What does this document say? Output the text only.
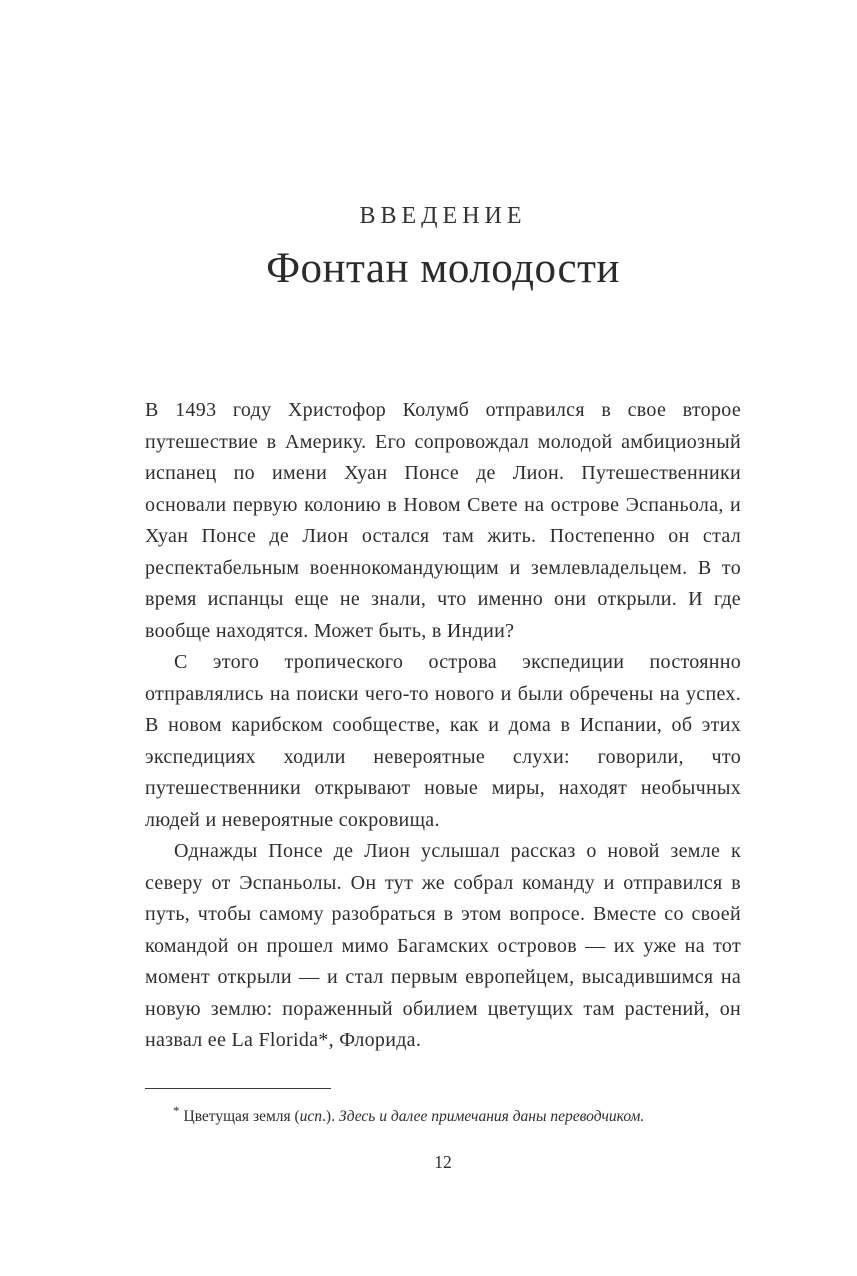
ВВЕДЕНИЕ
Фонтан молодости

В 1493 году Христофор Колумб отправился в свое второе путешествие в Америку. Его сопровождал молодой амбициозный испанец по имени Хуан Понсе де Лион. Путешественники основали первую колонию в Новом Свете на острове Эспаньола, и Хуан Понсе де Лион остался там жить. Постепенно он стал респектабельным военнокомандующим и землевладельцем. В то время испанцы еще не знали, что именно они открыли. И где вообще находятся. Может быть, в Индии?

С этого тропического острова экспедиции постоянно отправлялись на поиски чего-то нового и были обречены на успех. В новом карибском сообществе, как и дома в Испании, об этих экспедициях ходили невероятные слухи: говорили, что путешественники открывают новые миры, находят необычных людей и невероятные сокровища.

Однажды Понсе де Лион услышал рассказ о новой земле к северу от Эспаньолы. Он тут же собрал команду и отправился в путь, чтобы самому разобраться в этом вопросе. Вместе со своей командой он прошел мимо Багамских островов — их уже на тот момент открыли — и стал первым европейцем, высадившимся на новую землю: пораженный обилием цветущих там растений, он назвал ее La Florida*, Флорида.

* Цветущая земля (исп.). Здесь и далее примечания даны переводчиком.
12
